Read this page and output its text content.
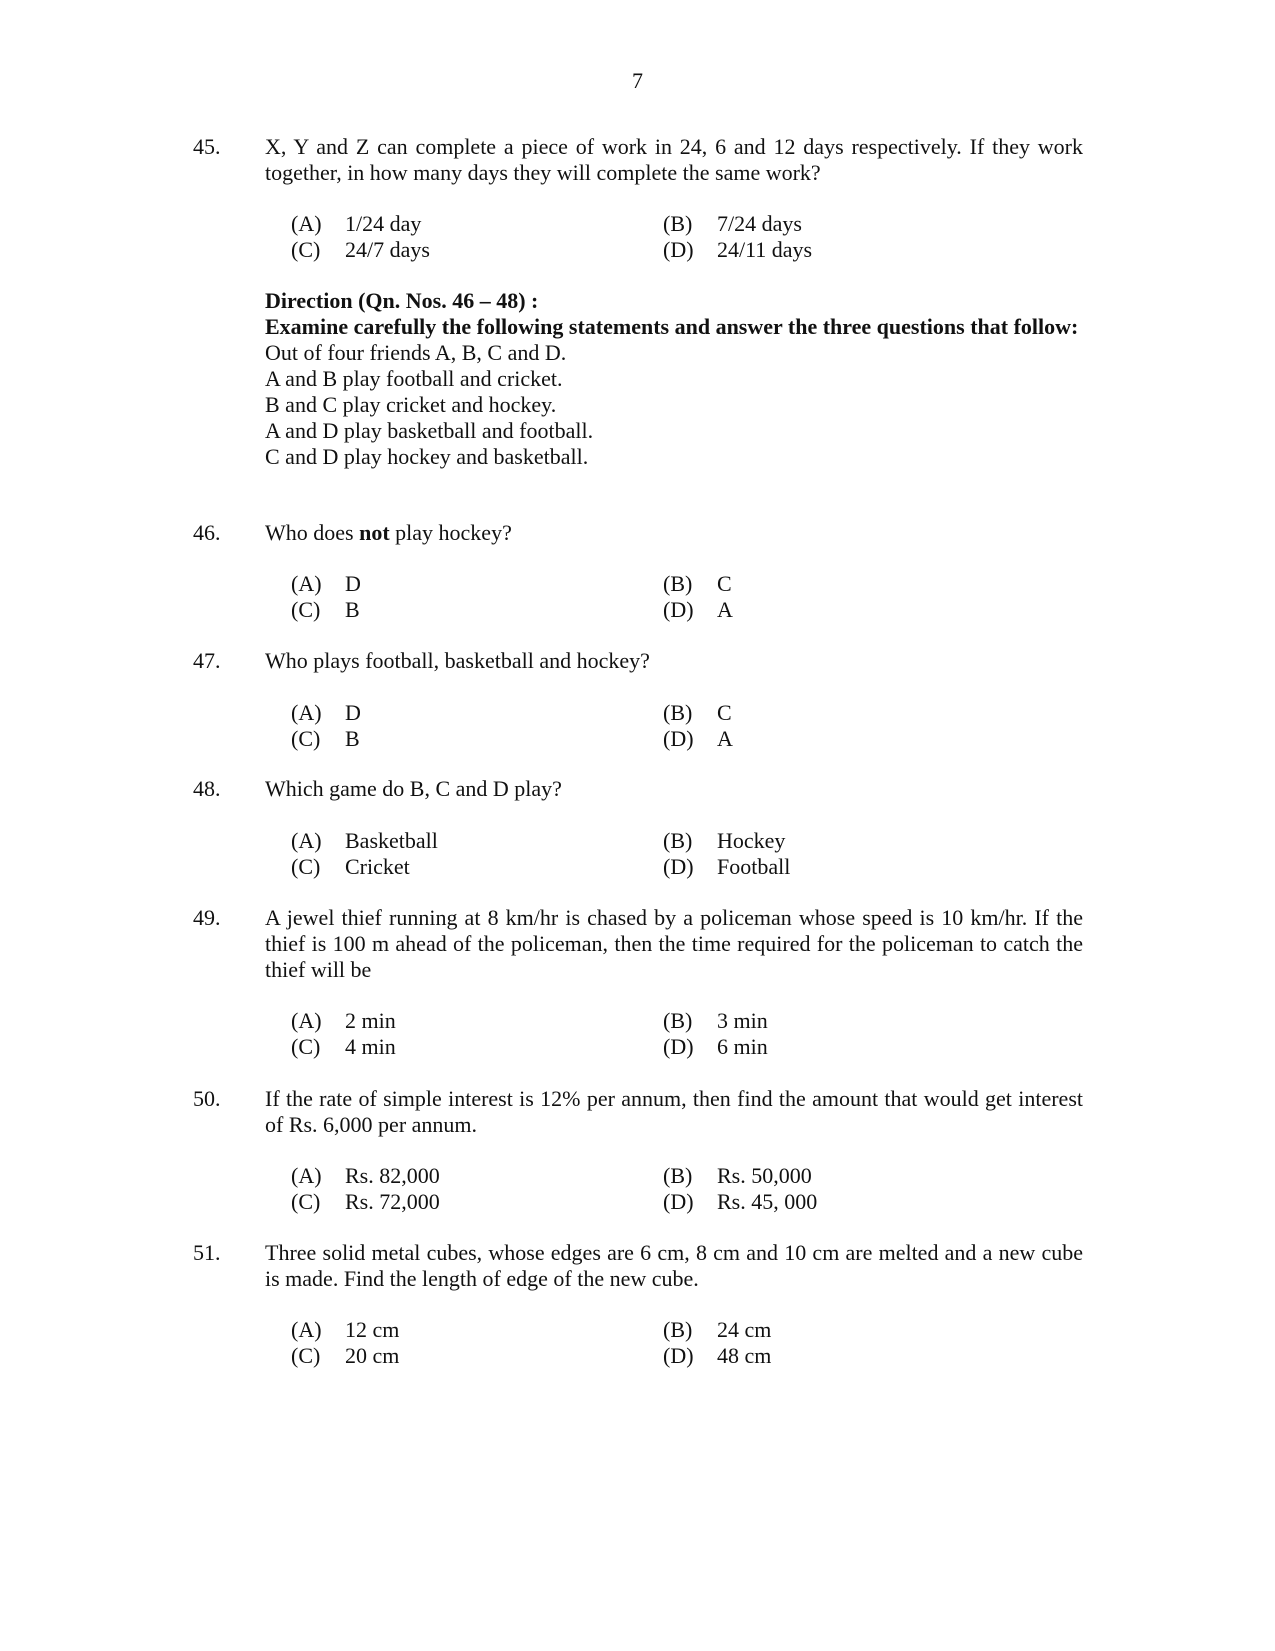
7
45.	X, Y and Z can complete a piece of work in 24, 6 and 12 days respectively. If they work together, in how many days they will complete the same work?
(A) 1/24 day	(B) 7/24 days
(C) 24/7 days	(D) 24/11 days
Direction (Qn. Nos. 46 – 48) :
Examine carefully the following statements and answer the three questions that follow:
Out of four friends A, B, C and D.
A and B play football and cricket.
B and C play cricket and hockey.
A and D play basketball and football.
C and D play hockey and basketball.
46.	Who does not play hockey?
(A) D	(B) C
(C) B	(D) A
47.	Who plays football, basketball and hockey?
(A) D	(B) C
(C) B	(D) A
48.	Which game do B, C and D play?
(A) Basketball	(B) Hockey
(C) Cricket	(D) Football
49.	A jewel thief running at 8 km/hr is chased by a policeman whose speed is 10 km/hr. If the thief is 100 m ahead of the policeman, then the time required for the policeman to catch the thief will be
(A) 2 min	(B) 3 min
(C) 4 min	(D) 6 min
50.	If the rate of simple interest is 12% per annum, then find the amount that would get interest of Rs. 6,000 per annum.
(A) Rs. 82,000	(B) Rs. 50,000
(C) Rs. 72,000	(D) Rs. 45, 000
51.	Three solid metal cubes, whose edges are 6 cm, 8 cm and 10 cm are melted and a new cube is made. Find the length of edge of the new cube.
(A) 12 cm	(B) 24 cm
(C) 20 cm	(D) 48 cm
